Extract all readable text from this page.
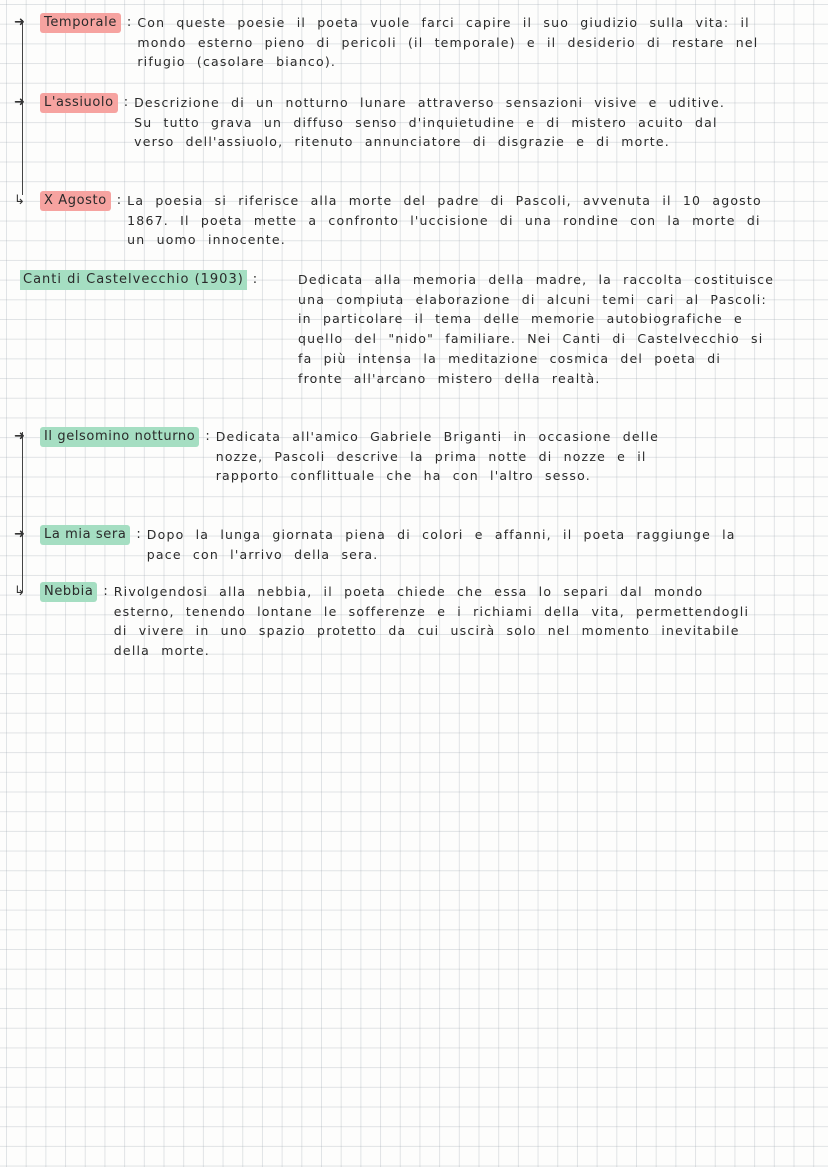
➜	Temporale : Con queste poesie il poeta vuole farci capire il suo giudizio sulla vita: il mondo esterno pieno di pericoli (il temporale) e il desiderio di restare nel rifugio (casolare bianco).
➜	L'assiuolo : Descrizione di un notturno lunare attraverso sensazioni visive e uditive. Su tutto grava un diffuso senso d'inquietudine e di mistero acuito dal verso dell'assiuolo, ritenuto annunciatore di disgrazie e di morte.
↳	X Agosto : La poesia si riferisce alla morte del padre di Pascoli, avvenuta il 10 agosto 1867. Il poeta mette a confronto l'uccisione di una rondine con la morte di un uomo innocente.
Canti di Castelvecchio (1903) :	Dedicata alla memoria della madre, la raccolta costituisce una compiuta elaborazione di alcuni temi cari al Pascoli: in particolare il tema delle memorie autobiografiche e quello del "nido" familiare. Nei Canti di Castelvecchio si fa più intensa la meditazione cosmica del poeta di fronte all'arcano mistero della realtà.
➜	Il gelsomino notturno : Dedicata all'amico Gabriele Briganti in occasione delle nozze, Pascoli descrive la prima notte di nozze e il rapporto conflittuale che ha con l'altro sesso.
➜	La mia sera : Dopo la lunga giornata piena di colori e affanni, il poeta raggiunge la pace con l'arrivo della sera.
↳	Nebbia : Rivolgendosi alla nebbia, il poeta chiede che essa lo separi dal mondo esterno, tenendo lontane le sofferenze e i richiami della vita, permettendogli di vivere in uno spazio protetto da cui uscirà solo nel momento inevitabile della morte.
